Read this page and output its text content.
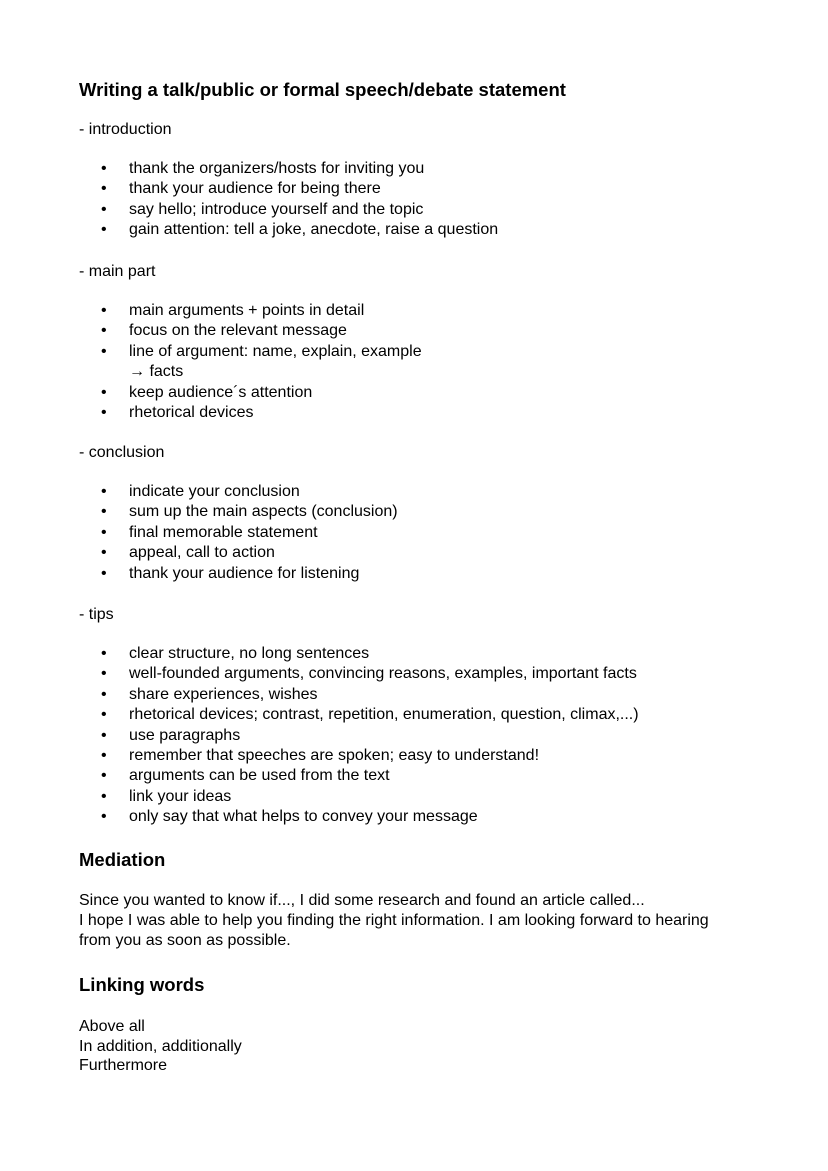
Writing a talk/public or formal speech/debate statement
- introduction
• thank the organizers/hosts for inviting you
• thank your audience for being there
• say hello; introduce yourself and the topic
• gain attention: tell a joke, anecdote, raise a question
- main part
• main arguments + points in detail
• focus on the relevant message
• line of argument: name, explain, example
→ facts
• keep audience´s attention
• rhetorical devices
- conclusion
• indicate your conclusion
• sum up the main aspects (conclusion)
• final memorable statement
• appeal, call to action
• thank your audience for listening
- tips
• clear structure, no long sentences
• well-founded arguments, convincing reasons, examples, important facts
• share experiences, wishes
• rhetorical devices; contrast, repetition, enumeration, question, climax,...)
• use paragraphs
• remember that speeches are spoken; easy to understand!
• arguments can be used from the text
• link your ideas
• only say that what helps to convey your message
Mediation

Since you wanted to know if..., I did some research and found an article called...

I hope I was able to help you finding the right information. I am looking forward to hearing

from you as soon as possible.

Linking words
Above all
In addition, additionally
Furthermore
